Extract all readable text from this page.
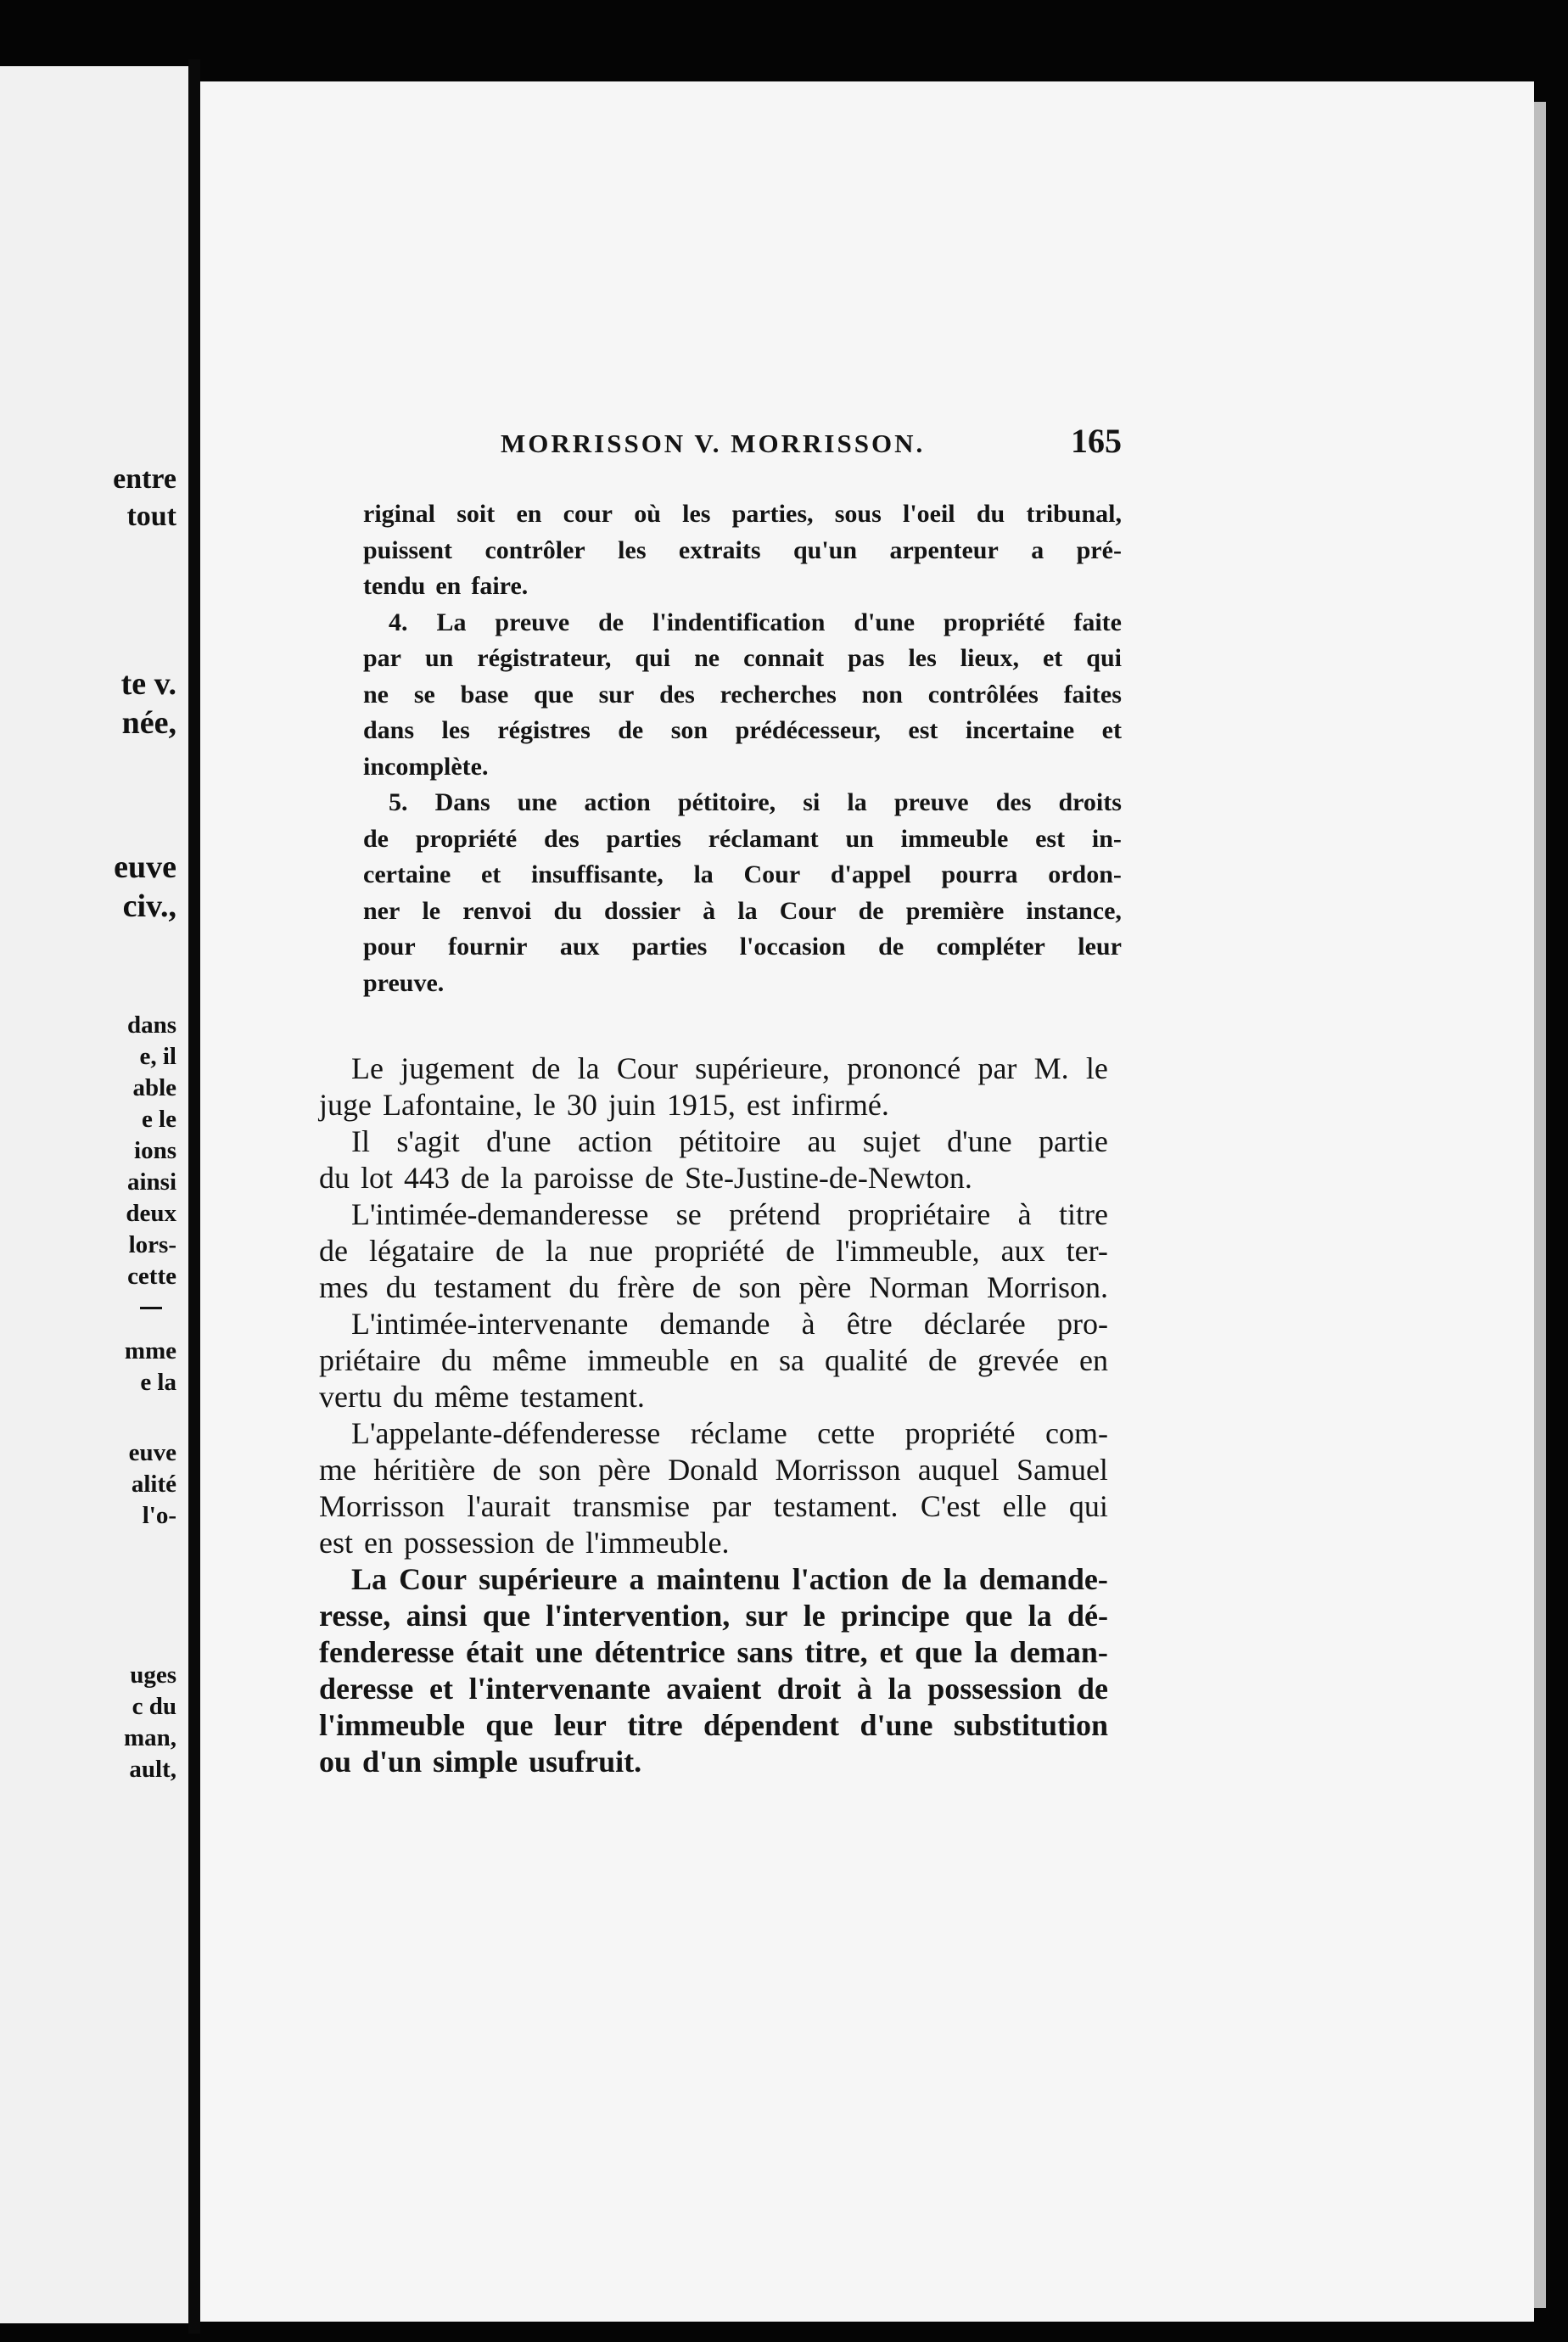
entre
tout
te v.
née,
euve
civ.,
dans
e, il
able
e le
ions
ainsi
deux
lors-
cette
mme
e la
euve
alité
l'o-
uges
c du
man,
ault,
MORRISSON V. MORRISSON.	165
riginal soit en cour où les parties, sous l'oeil du tribunal,
puissent contrôler les extraits qu'un arpenteur a pré-
tendu en faire.
4. La preuve de l'indentification d'une propriété faite
par un régistrateur, qui ne connait pas les lieux, et qui
ne se base que sur des recherches non contrôlées faites
dans les régistres de son prédécesseur, est incertaine et
incomplète.
5. Dans une action pétitoire, si la preuve des droits
de propriété des parties réclamant un immeuble est in-
certaine et insuffisante, la Cour d'appel pourra ordon-
ner le renvoi du dossier à la Cour de première instance,
pour fournir aux parties l'occasion de compléter leur
preuve.
Le jugement de la Cour supérieure, prononcé par M. le
juge Lafontaine, le 30 juin 1915, est infirmé.
Il s'agit d'une action pétitoire au sujet d'une partie
du lot 443 de la paroisse de Ste-Justine-de-Newton.
L'intimée-demanderesse se prétend propriétaire à titre
de légataire de la nue propriété de l'immeuble, aux ter-
mes du testament du frère de son père Norman Morrison.
L'intimée-intervenante demande à être déclarée pro-
priétaire du même immeuble en sa qualité de grevée en
vertu du même testament.
L'appelante-défenderesse réclame cette propriété com-
me héritière de son père Donald Morrisson auquel Samuel
Morrisson l'aurait transmise par testament. C'est elle qui
est en possession de l'immeuble.
La Cour supérieure a maintenu l'action de la demande-
resse, ainsi que l'intervention, sur le principe que la dé-
fenderesse était une détentrice sans titre, et que la deman-
deresse et l'intervenante avaient droit à la possession de
l'immeuble que leur titre dépendent d'une substitution
ou d'un simple usufruit.
